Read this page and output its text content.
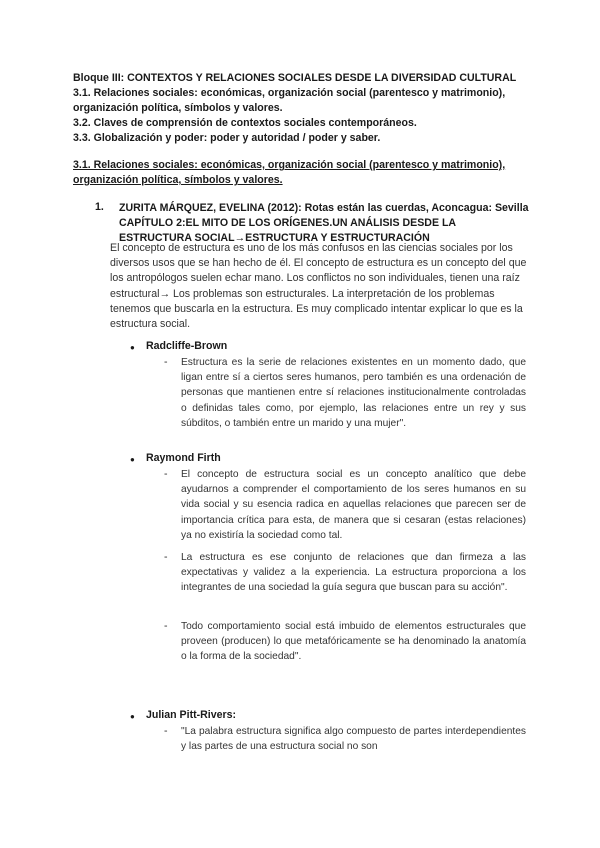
Bloque III: CONTEXTOS Y RELACIONES SOCIALES DESDE LA DIVERSIDAD CULTURAL
3.1. Relaciones sociales: económicas, organización social (parentesco y matrimonio),
organización política, símbolos y valores.
3.2. Claves de comprensión de contextos sociales contemporáneos.
3.3. Globalización y poder: poder y autoridad / poder y saber.
3.1. Relaciones sociales: económicas, organización social (parentesco y matrimonio),
organización política, símbolos y valores.
1. ZURITA MÁRQUEZ, EVELINA (2012): Rotas están las cuerdas, Aconcagua: Sevilla CAPÍTULO 2:EL MITO DE LOS ORÍGENES.UN ANÁLISIS DESDE LA ESTRUCTURA SOCIAL→ESTRUCTURA Y ESTRUCTURACIÓN
El concepto de estructura es uno de los más confusos en las ciencias sociales por los diversos usos que se han hecho de él. El concepto de estructura es un concepto del que los antropólogos suelen echar mano. Los conflictos no son individuales, tienen una raíz estructural→ Los problemas son estructurales. La interpretación de los problemas tenemos que buscarla en la estructura. Es muy complicado intentar explicar lo que es la estructura social.
● Radcliffe-Brown
- Estructura es la serie de relaciones existentes en un momento dado, que ligan entre sí a ciertos seres humanos, pero también es una ordenación de personas que mantienen entre sí relaciones institucionalmente controladas o definidas tales como, por ejemplo, las relaciones entre un rey y sus súbditos, o también entre un marido y una mujer".
● Raymond Firth
- El concepto de estructura social es un concepto analítico que debe ayudarnos a comprender el comportamiento de los seres humanos en su vida social y su esencia radica en aquellas relaciones que parecen ser de importancia crítica para esta, de manera que si cesaran (estas relaciones) ya no existiría la sociedad como tal.
- La estructura es ese conjunto de relaciones que dan firmeza a las expectativas y validez a la experiencia. La estructura proporciona a los integrantes de una sociedad la guía segura que buscan para su acción".
- Todo comportamiento social está imbuido de elementos estructurales que proveen (producen) lo que metafóricamente se ha denominado la anatomía o la forma de la sociedad".
● Julian Pitt-Rivers:
- "La palabra estructura significa algo compuesto de partes interdependientes y las partes de una estructura social no son
